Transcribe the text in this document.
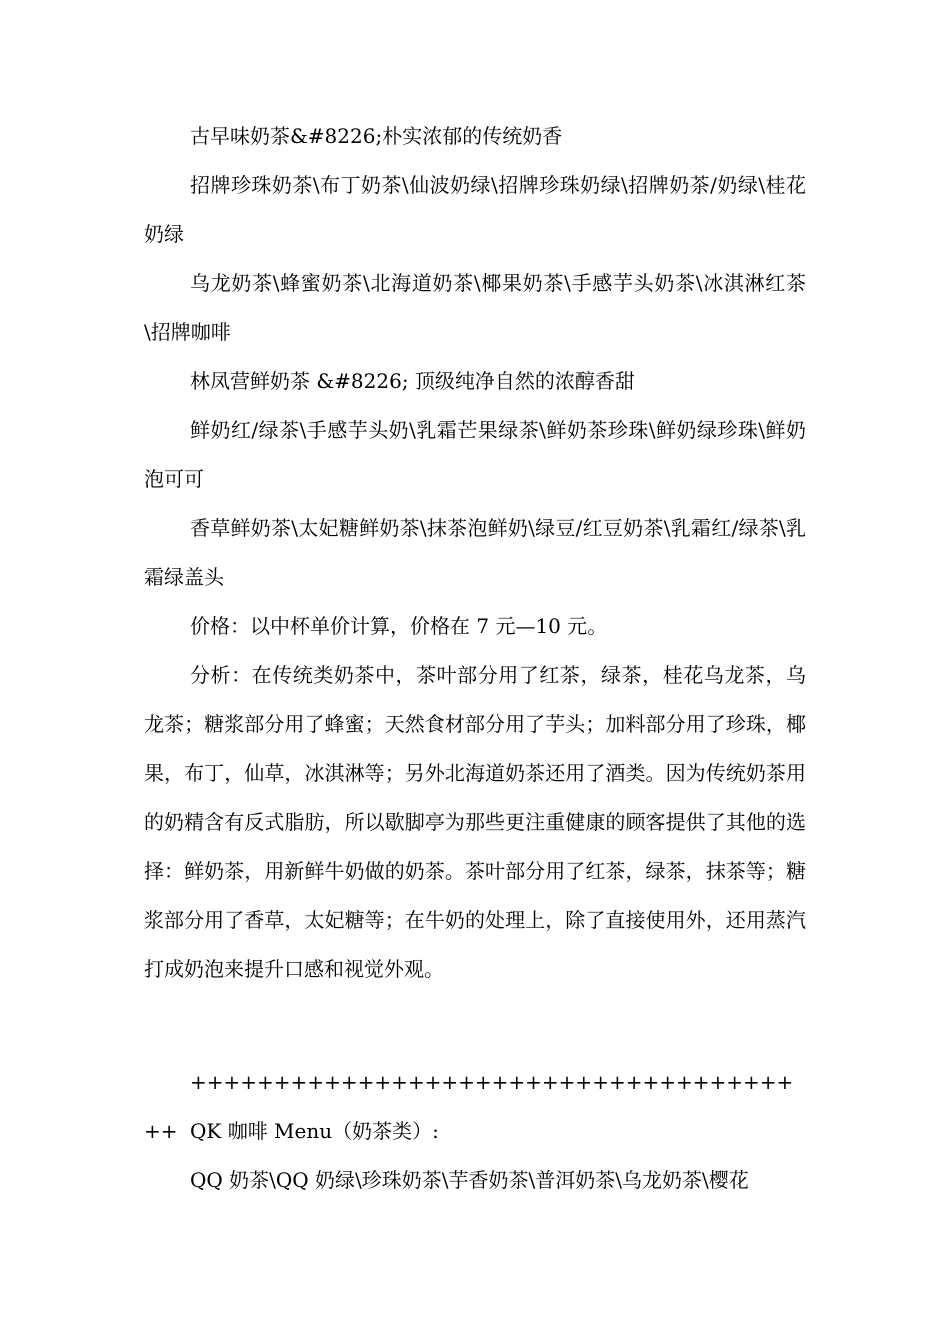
古早味奶茶&#8226;朴实浓郁的传统奶香

招牌珍珠奶茶\布丁奶茶\仙波奶绿\招牌珍珠奶绿\招牌奶茶/奶绿\桂花奶绿

乌龙奶茶\蜂蜜奶茶\北海道奶茶\椰果奶茶\手感芋头奶茶\冰淇淋红茶\招牌咖啡

林凤营鲜奶茶 &#8226; 顶级纯净自然的浓醇香甜

鲜奶红/绿茶\手感芋头奶\乳霜芒果绿茶\鲜奶茶珍珠\鲜奶绿珍珠\鲜奶泡可可

香草鲜奶茶\太妃糖鲜奶茶\抹茶泡鲜奶\绿豆/红豆奶茶\乳霜红/绿茶\乳霜绿盖头

价格：以中杯单价计算，价格在 7 元—10 元。

分析：在传统类奶茶中，茶叶部分用了红茶，绿茶，桂花乌龙茶，乌龙茶；糖浆部分用了蜂蜜；天然食材部分用了芋头；加料部分用了珍珠，椰果，布丁，仙草，冰淇淋等；另外北海道奶茶还用了酒类。因为传统奶茶用的奶精含有反式脂肪，所以歇脚亭为那些更注重健康的顾客提供了其他的选择：鲜奶茶，用新鲜牛奶做的奶茶。茶叶部分用了红茶，绿茶，抹茶等；糖浆部分用了香草，太妃糖等；在牛奶的处理上，除了直接使用外，还用蒸汽打成奶泡来提升口感和视觉外观。

++++++++++++++++++++++++++++++++++++++ QK 咖啡 Menu（奶茶类）:

QQ 奶茶\QQ 奶绿\珍珠奶茶\芋香奶茶\普洱奶茶\乌龙奶茶\樱花
